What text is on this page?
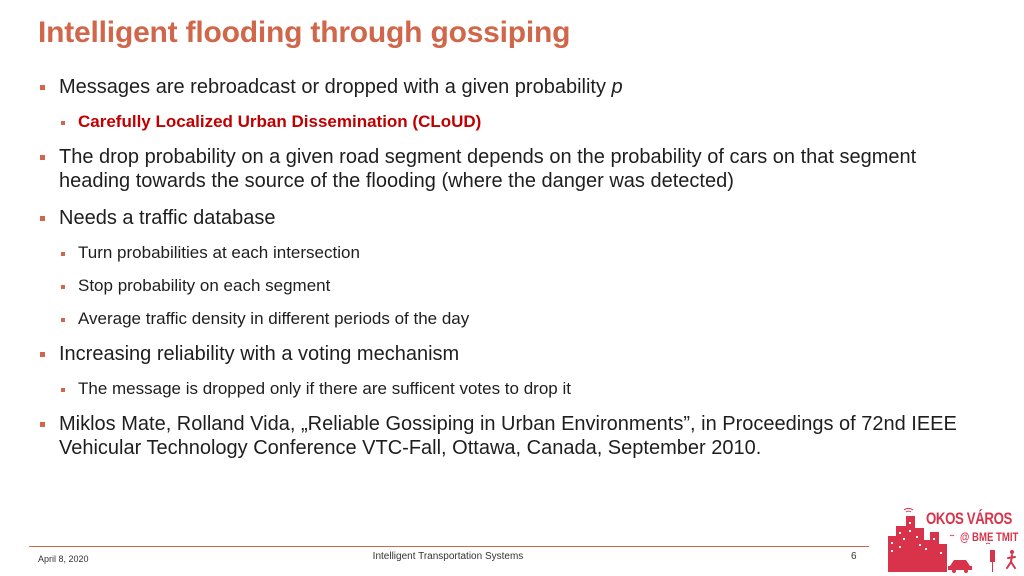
Intelligent flooding through gossiping
Messages are rebroadcast or dropped with a given probability p
Carefully Localized Urban Dissemination (CLoUD)
The drop probability on a given road segment depends on the probability of cars on that segment heading towards the source of the flooding (where the danger was detected)
Needs a traffic database
Turn probabilities at each intersection
Stop probability on each segment
Average traffic density in different periods of the day
Increasing reliability with a voting mechanism
The message is dropped only if there are sufficent votes to drop it
Miklos Mate, Rolland Vida, „Reliable Gossiping in Urban Environments”, in Proceedings of 72nd IEEE Vehicular Technology Conference VTC-Fall, Ottawa, Canada, September 2010.
April 8, 2020	Intelligent Transportation Systems	6
OKOS VÁROS
@ BME TMIT
